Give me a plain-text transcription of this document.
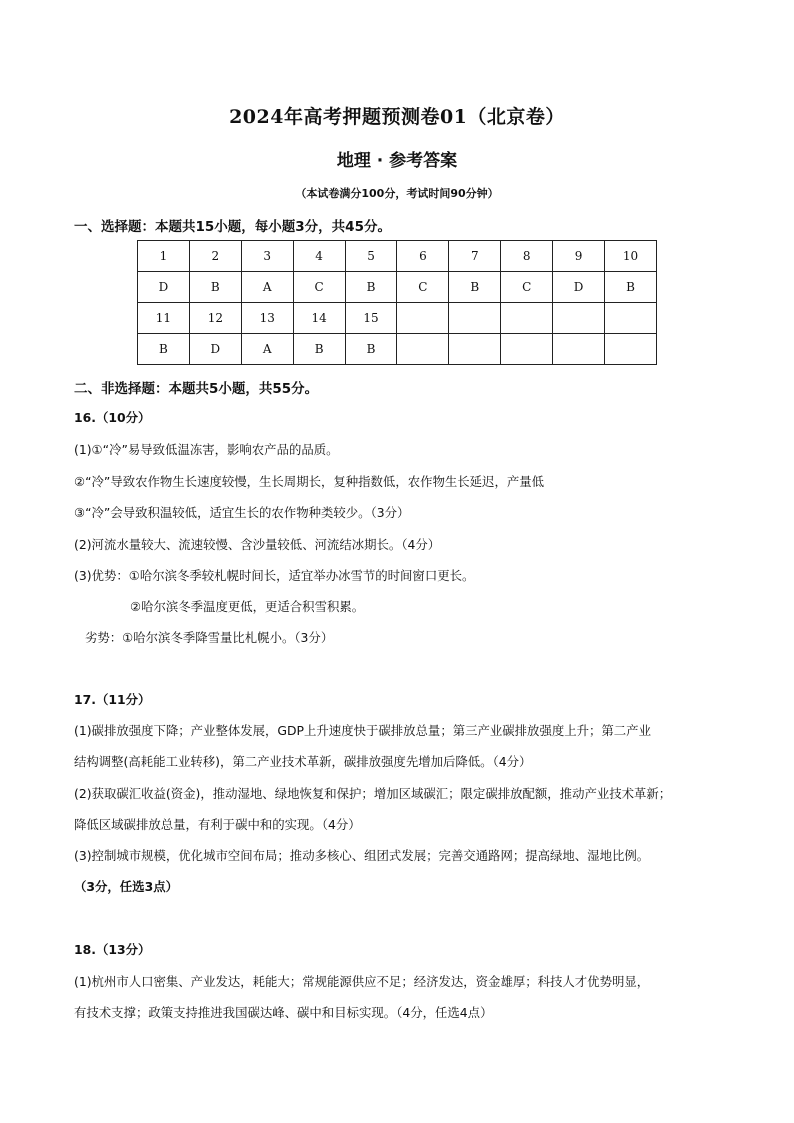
2024年高考押题预测卷01（北京卷）
地理 · 参考答案
（本试卷满分100分，考试时间90分钟）
一、选择题：本题共15小题，每小题3分，共45分。
1	2	3	4	5	6	7	8	9	10
D	B	A	C	B	C	B	C	D	B
11	12	13	14	15					
B	D	A	B	B					
二、非选择题：本题共5小题，共55分。
16.（10分）
(1)①“冷”易导致低温冻害，影响农产品的品质。
②“冷”导致农作物生长速度较慢，生长周期长，复种指数低，农作物生长延迟，产量低
③“冷”会导致积温较低，适宜生长的农作物种类较少。（3分）
(2)河流水量较大、流速较慢、含沙量较低、河流结冰期长。（4分）
(3)优势：①哈尔滨冬季较札幌时间长，适宜举办冰雪节的时间窗口更长。
②哈尔滨冬季温度更低，更适合积雪积累。
劣势：①哈尔滨冬季降雪量比札幌小。（3分）
17.（11分）
(1)碳排放强度下降；产业整体发展，GDP上升速度快于碳排放总量；第三产业碳排放强度上升；第二产业
结构调整(高耗能工业转移)，第二产业技术革新，碳排放强度先增加后降低。（4分）
(2)获取碳汇收益(资金)，推动湿地、绿地恢复和保护；增加区域碳汇；限定碳排放配额，推动产业技术革新；
降低区域碳排放总量，有利于碳中和的实现。（4分）
(3)控制城市规模，优化城市空间布局；推动多核心、组团式发展；完善交通路网；提高绿地、湿地比例。
（3分，任选3点）
18.（13分）
(1)杭州市人口密集、产业发达，耗能大；常规能源供应不足；经济发达，资金雄厚；科技人才优势明显，
有技术支撑；政策支持推进我国碳达峰、碳中和目标实现。（4分，任选4点）
